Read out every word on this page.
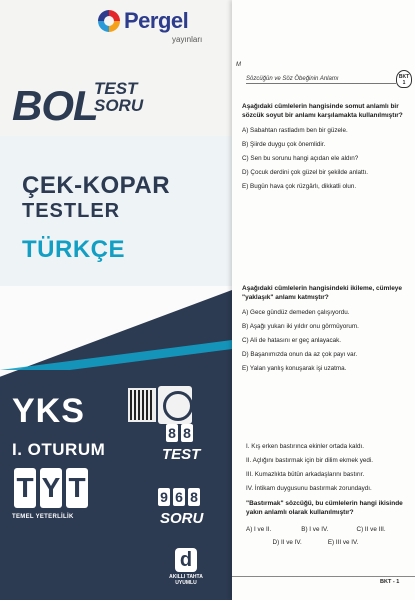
Pergel
yayınları
BOL
TEST
SORU
ÇEK-KOPAR
TESTLER
TÜRKÇE
YKS
I. OTURUM
T Y T
TEMEL YETERLİLİK
8 8
TEST
9 6 8
SORU
d
AKILLI TAHTA UYUMLU
M
Sözcüğün ve Söz Öbeğinin Anlamı	BKT
1
Aşağıdaki cümlelerin hangisinde somut anlamlı bir sözcük soyut bir anlamı karşılamakta kullanılmıştır?
A) Sabahtan rastladım ben bir güzele.
B) Şiirde duygu çok önemlidir.
C) Sen bu sorunu hangi açıdan ele aldın?
D) Çocuk derdini çok güzel bir şekilde anlattı.
E) Bugün hava çok rüzgârlı, dikkatli olun.
Aşağıdaki cümlelerin hangisindeki ikileme, cümleye "yaklaşık" anlamı katmıştır?
A) Gece gündüz demeden çalışıyordu.
B) Aşağı yukarı iki yıldır onu görmüyorum.
C) Ali de hatasını er geç anlayacak.
D) Başanımızda onun da az çok payı var.
E) Yalan yanlış konuşarak işi uzatma.
I. Kış erken bastırınca ekinler ortada kaldı.
II. Açlığını bastırmak için bir dilim ekmek yedi.
III. Kumazlıkta bütün arkadaşlarını bastırır.
IV. İntikam duygusunu bastırmak zorundaydı.
"Bastırmak" sözcüğü, bu cümlelerin hangi ikisinde yakın anlamlı olarak kullanılmıştır?
A) I ve II.	B) I ve IV.	C) II ve III.
D) II ve IV.	E) III ve IV.
BKT - 1
